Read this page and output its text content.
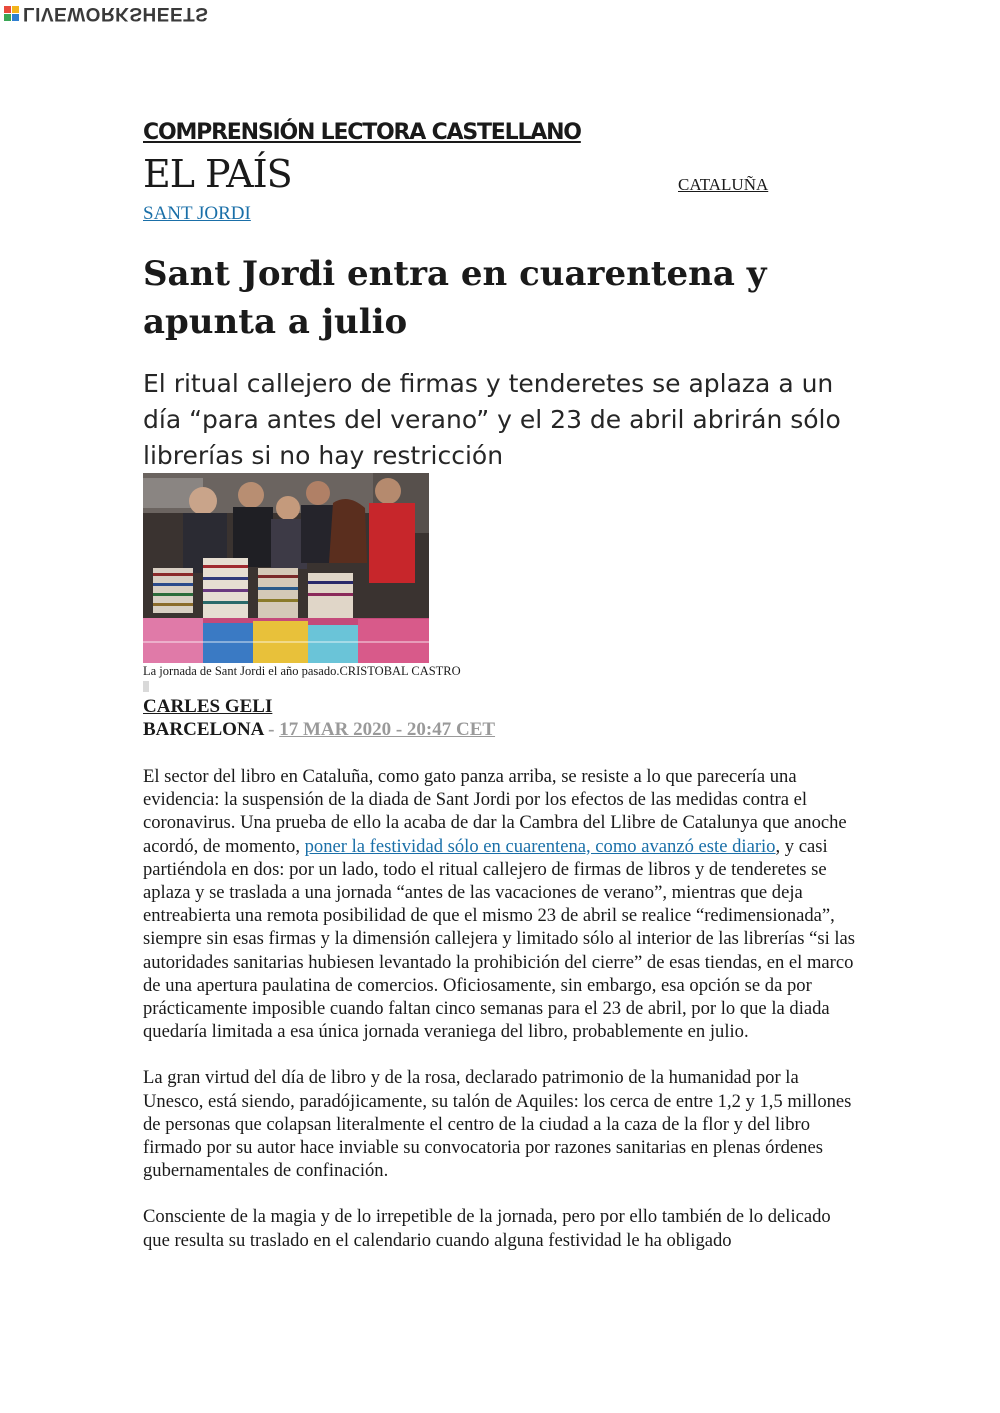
LIVEWORKSHEETS
COMPRENSIÓN LECTORA CASTELLANO
EL PAÍS	CATALUÑA
SANT JORDI
Sant Jordi entra en cuarentena y apunta a julio

El ritual callejero de firmas y tenderetes se aplaza a un día “para antes del verano” y el 23 de abril abrirán sólo librerías si no hay restricción

La jornada de Sant Jordi el año pasado.CRISTOBAL CASTRO
CARLES GELI
BARCELONA - 17 MAR 2020 - 20:47 CET

El sector del libro en Cataluña, como gato panza arriba, se resiste a lo que parecería una evidencia: la suspensión de la diada de Sant Jordi por los efectos de las medidas contra el coronavirus. Una prueba de ello la acaba de dar la Cambra del Llibre de Catalunya que anoche acordó, de momento, poner la festividad sólo en cuarentena, como avanzó este diario, y casi partiéndola en dos: por un lado, todo el ritual callejero de firmas de libros y de tenderetes se aplaza y se traslada a una jornada “antes de las vacaciones de verano”, mientras que deja entreabierta una remota posibilidad de que el mismo 23 de abril se realice “redimensionada”, siempre sin esas firmas y la dimensión callejera y limitado sólo al interior de las librerías “si las autoridades sanitarias hubiesen levantado la prohibición del cierre” de esas tiendas, en el marco de una apertura paulatina de comercios. Oficiosamente, sin embargo, esa opción se da por prácticamente imposible cuando faltan cinco semanas para el 23 de abril, por lo que la diada quedaría limitada a esa única jornada veraniega del libro, probablemente en julio.

La gran virtud del día de libro y de la rosa, declarado patrimonio de la humanidad por la Unesco, está siendo, paradójicamente, su talón de Aquiles: los cerca de entre 1,2 y 1,5 millones de personas que colapsan literalmente el centro de la ciudad a la caza de la flor y del libro firmado por su autor hace inviable su convocatoria por razones sanitarias en plenas órdenes gubernamentales de confinación.

Consciente de la magia y de lo irrepetible de la jornada, pero por ello también de lo delicado que resulta su traslado en el calendario cuando alguna festividad le ha obligado
